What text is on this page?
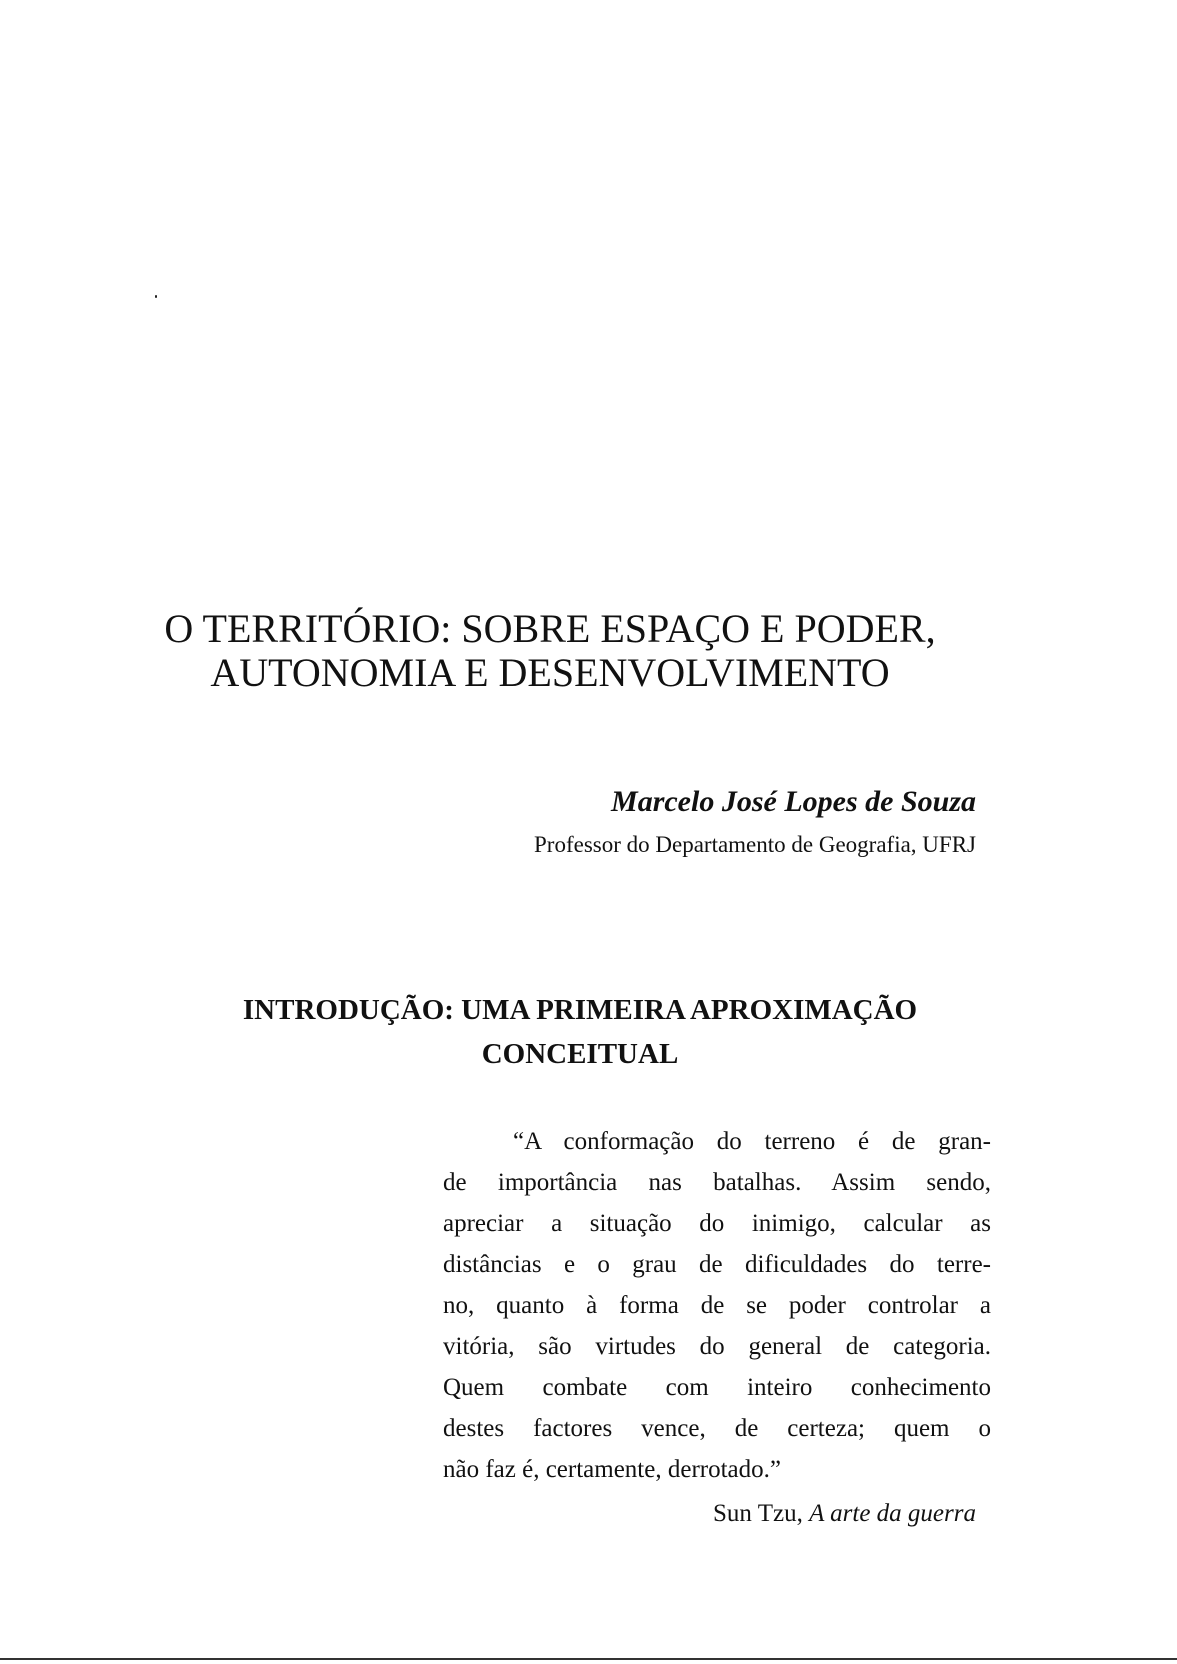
O TERRITÓRIO: SOBRE ESPAÇO E PODER,
AUTONOMIA E DESENVOLVIMENTO

Marcelo José Lopes de Souza

Professor do Departamento de Geografia, UFRJ

INTRODUÇÃO: UMA PRIMEIRA APROXIMAÇÃO
CONCEITUAL
“A conformação do terreno é de gran-
de importância nas batalhas. Assim sendo,
apreciar a situação do inimigo, calcular as
distâncias e o grau de dificuldades do terre-
no, quanto à forma de se poder controlar a
vitória, são virtudes do general de categoria.
Quem combate com inteiro conhecimento
destes factores vence, de certeza; quem o
não faz é, certamente, derrotado.”

Sun Tzu, A arte da guerra
